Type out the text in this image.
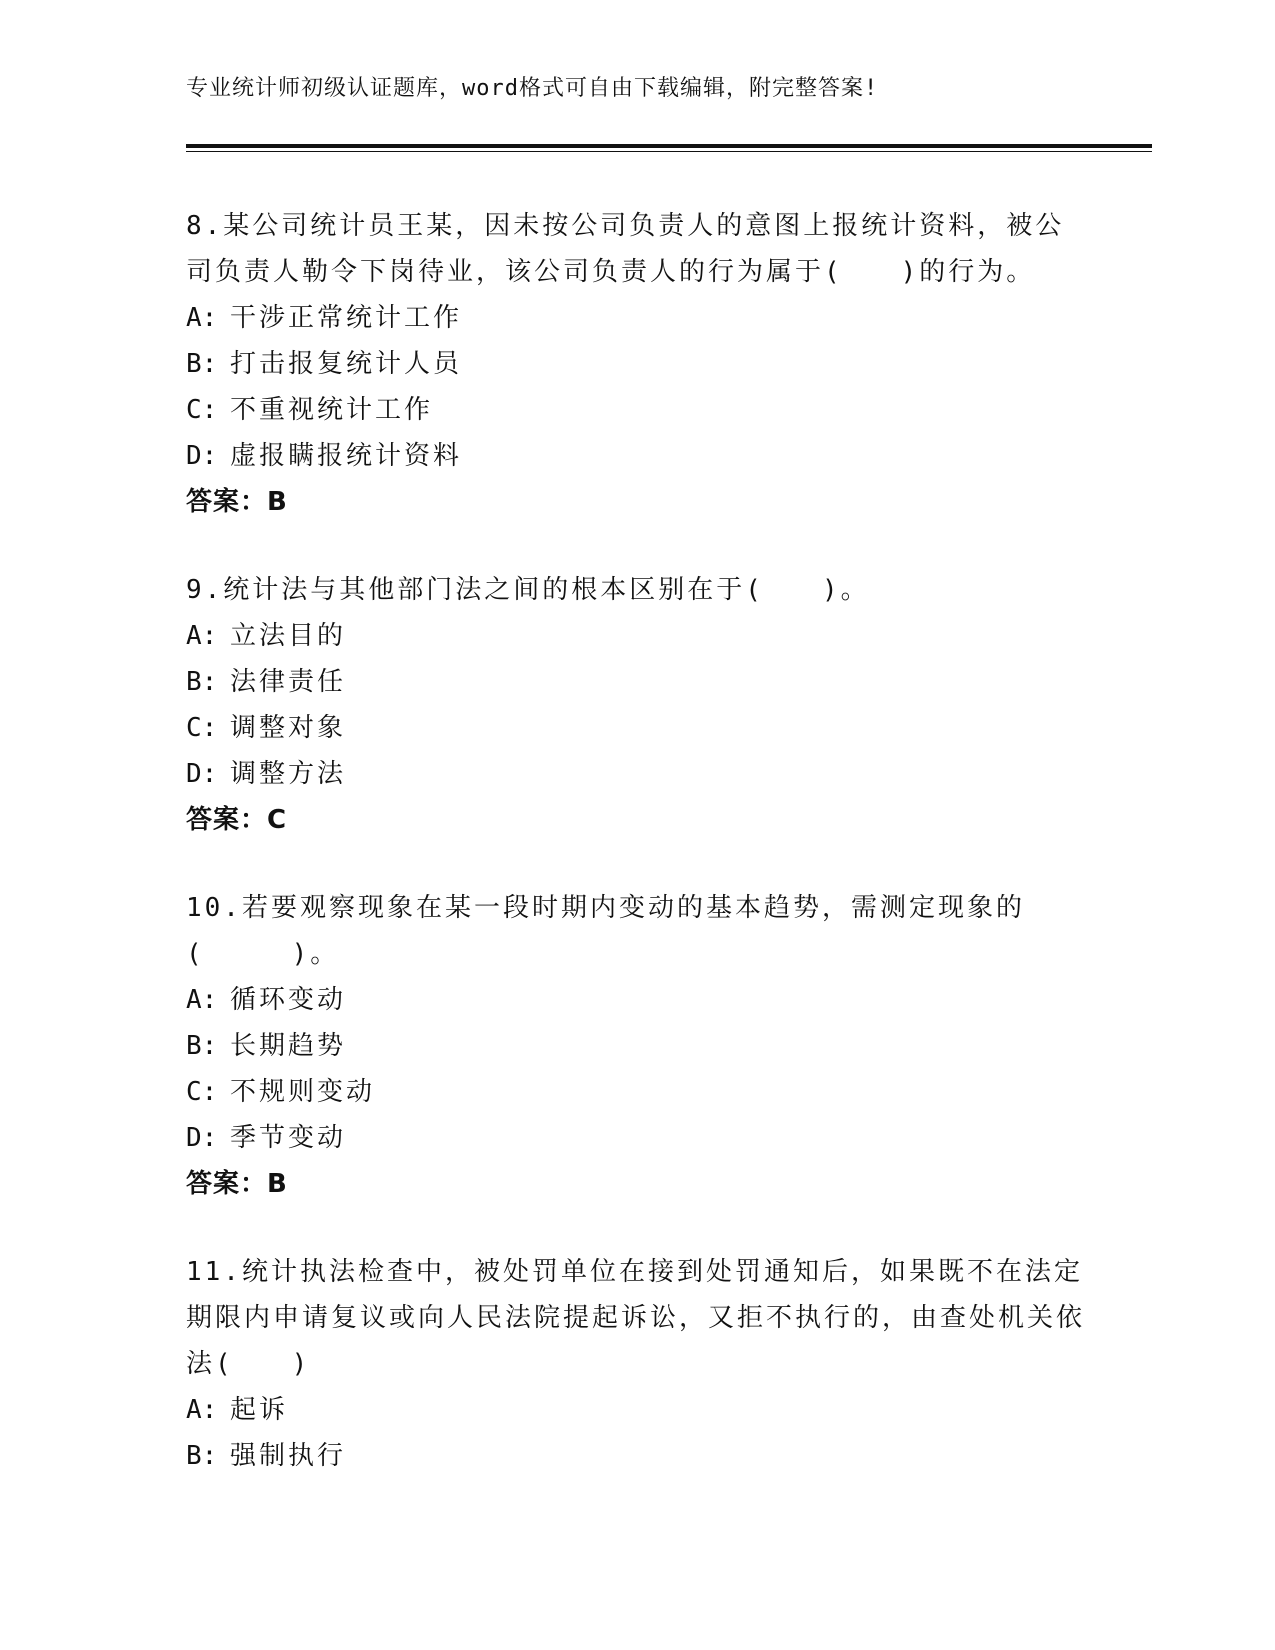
专业统计师初级认证题库，word格式可自由下载编辑，附完整答案!
8.某公司统计员王某，因未按公司负责人的意图上报统计资料，被公司负责人勒令下岗待业，该公司负责人的行为属于(　　)的行为。
A: 干涉正常统计工作
B: 打击报复统计人员
C: 不重视统计工作
D: 虚报瞒报统计资料
答案：B
9.统计法与其他部门法之间的根本区别在于(　　)。
A: 立法目的
B: 法律责任
C: 调整对象
D: 调整方法
答案：C
10.若要观察现象在某一段时期内变动的基本趋势，需测定现象的(　　　)。
A: 循环变动
B: 长期趋势
C: 不规则变动
D: 季节变动
答案：B
11.统计执法检查中，被处罚单位在接到处罚通知后，如果既不在法定期限内申请复议或向人民法院提起诉讼，又拒不执行的，由查处机关依法(　　)
A: 起诉
B: 强制执行
